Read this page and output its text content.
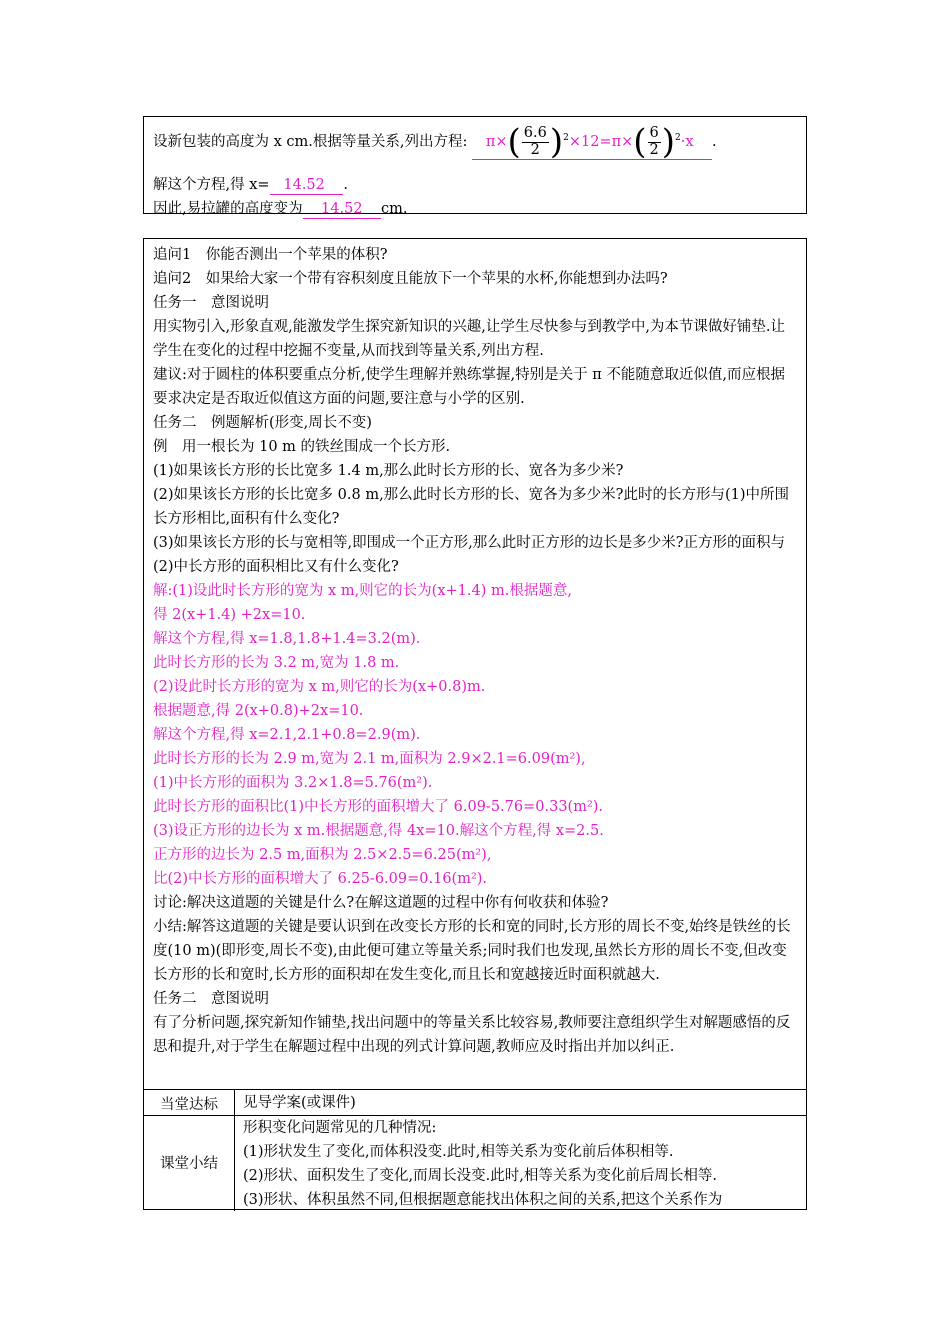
设新包装的高度为 x cm.根据等量关系,列出方程: $\pi\times( \frac{6.6}{2} )^2\times 12=\pi\times( \frac{6}{2} )^2\cdot x$ .
解这个方程,得 x= 14.52 .
因此,易拉罐的高度变为 14.52 cm.

追问1　你能否测出一个苹果的体积?

追问2　如果给大家一个带有容积刻度且能放下一个苹果的水杯,你能想到办法吗?

任务一　意图说明

用实物引入,形象直观,能激发学生探究新知识的兴趣,让学生尽快参与到教学中,为本节课做好铺垫.让学生在变化的过程中挖掘不变量,从而找到等量关系,列出方程.

建议:对于圆柱的体积要重点分析,使学生理解并熟练掌握,特别是关于 π 不能随意取近似值,而应根据要求决定是否取近似值这方面的问题,要注意与小学的区别.

任务二　例题解析(形变,周长不变)

例　用一根长为 10 m 的铁丝围成一个长方形.

(1)如果该长方形的长比宽多 1.4 m,那么此时长方形的长、宽各为多少米?

(2)如果该长方形的长比宽多 0.8 m,那么此时长方形的长、宽各为多少米?此时的长方形与(1)中所围长方形相比,面积有什么变化?

(3)如果该长方形的长与宽相等,即围成一个正方形,那么此时正方形的边长是多少米?正方形的面积与(2)中长方形的面积相比又有什么变化?

解:(1)设此时长方形的宽为 x m,则它的长为(x+1.4) m.根据题意,

得 2(x+1.4) +2x=10.

解这个方程,得 x=1.8,1.8+1.4=3.2(m).

此时长方形的长为 3.2 m,宽为 1.8 m.

(2)设此时长方形的宽为 x m,则它的长为(x+0.8)m.

根据题意,得 2(x+0.8)+2x=10.

解这个方程,得 x=2.1,2.1+0.8=2.9(m).

此时长方形的长为 2.9 m,宽为 2.1 m,面积为 2.9×2.1=6.09(m²),

(1)中长方形的面积为 3.2×1.8=5.76(m²).

此时长方形的面积比(1)中长方形的面积增大了 6.09-5.76=0.33(m²).

(3)设正方形的边长为 x m.根据题意,得 4x=10.解这个方程,得 x=2.5.

正方形的边长为 2.5 m,面积为 2.5×2.5=6.25(m²),

比(2)中长方形的面积增大了 6.25-6.09=0.16(m²).

讨论:解决这道题的关键是什么?在解这道题的过程中你有何收获和体验?

小结:解答这道题的关键是要认识到在改变长方形的长和宽的同时,长方形的周长不变,始终是铁丝的长度(10 m)(即形变,周长不变),由此便可建立等量关系;同时我们也发现,虽然长方形的周长不变,但改变长方形的长和宽时,长方形的面积却在发生变化,而且长和宽越接近时面积就越大.

任务二　意图说明

有了分析问题,探究新知作铺垫,找出问题中的等量关系比较容易,教师要注意组织学生对解题感悟的反思和提升,对于学生在解题过程中出现的列式计算问题,教师应及时指出并加以纠正.

当堂达标	见导学案(或课件)
课堂小结
形积变化问题常见的几种情况:
(1)形状发生了变化,而体积没变.此时,相等关系为变化前后体积相等.
(2)形状、面积发生了变化,而周长没变.此时,相等关系为变化前后周长相等.
(3)形状、体积虽然不同,但根据题意能找出体积之间的关系,把这个关系作为
